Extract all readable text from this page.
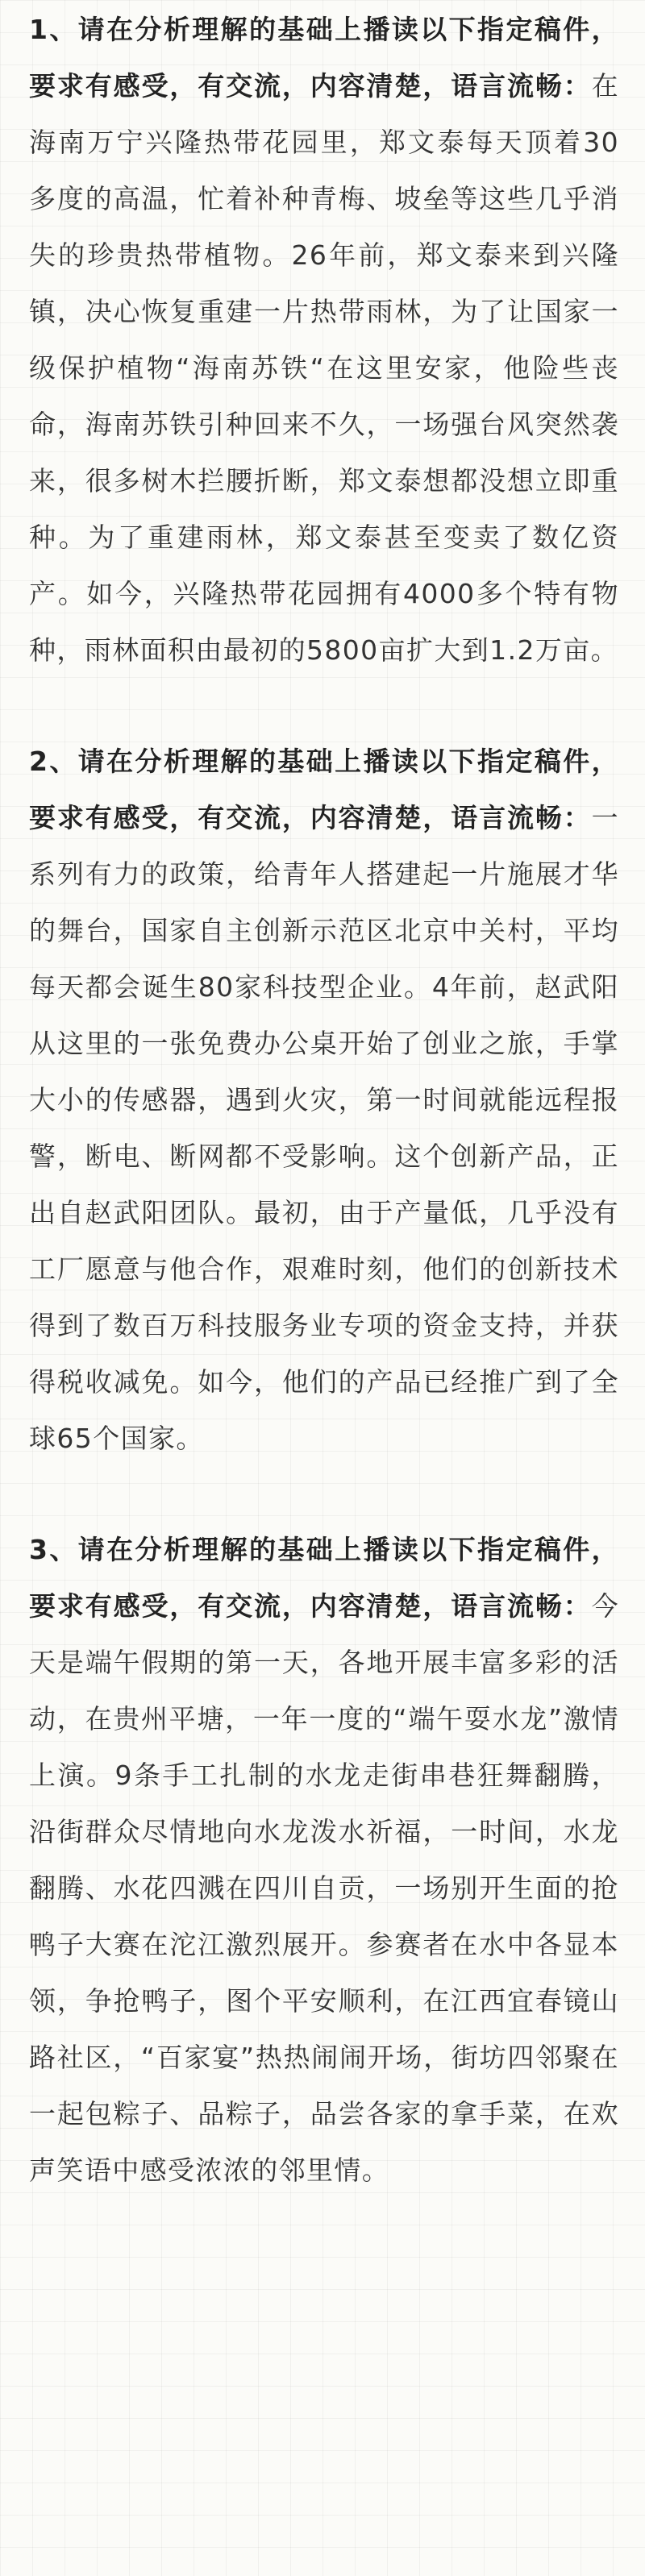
1、请在分析理解的基础上播读以下指定稿件，要求有感受，有交流，内容清楚，语言流畅：在海南万宁兴隆热带花园里，郑文泰每天顶着30多度的高温，忙着补种青梅、坡垒等这些几乎消失的珍贵热带植物。26年前，郑文泰来到兴隆镇，决心恢复重建一片热带雨林，为了让国家一级保护植物“海南苏铁“在这里安家，他险些丧命，海南苏铁引种回来不久，一场强台风突然袭来，很多树木拦腰折断，郑文泰想都没想立即重种。为了重建雨林，郑文泰甚至变卖了数亿资产。如今，兴隆热带花园拥有4000多个特有物种，雨林面积由最初的5800亩扩大到1.2万亩。

2、请在分析理解的基础上播读以下指定稿件，要求有感受，有交流，内容清楚，语言流畅：一系列有力的政策，给青年人搭建起一片施展才华的舞台，国家自主创新示范区北京中关村，平均每天都会诞生80家科技型企业。4年前，赵武阳从这里的一张免费办公桌开始了创业之旅，手掌大小的传感器，遇到火灾，第一时间就能远程报警，断电、断网都不受影响。这个创新产品，正出自赵武阳团队。最初，由于产量低，几乎没有工厂愿意与他合作，艰难时刻，他们的创新技术得到了数百万科技服务业专项的资金支持，并获得税收减免。如今，他们的产品已经推广到了全球65个国家。

3、请在分析理解的基础上播读以下指定稿件，要求有感受，有交流，内容清楚，语言流畅：今天是端午假期的第一天，各地开展丰富多彩的活动，在贵州平塘，一年一度的“端午耍水龙”激情上演。9条手工扎制的水龙走街串巷狂舞翻腾，沿街群众尽情地向水龙泼水祈福，一时间，水龙翻腾、水花四溅在四川自贡，一场别开生面的抢鸭子大赛在沱江激烈展开。参赛者在水中各显本领，争抢鸭子，图个平安顺利，在江西宜春镜山路社区，“百家宴”热热闹闹开场，街坊四邻聚在一起包粽子、品粽子，品尝各家的拿手菜，在欢声笑语中感受浓浓的邻里情。
